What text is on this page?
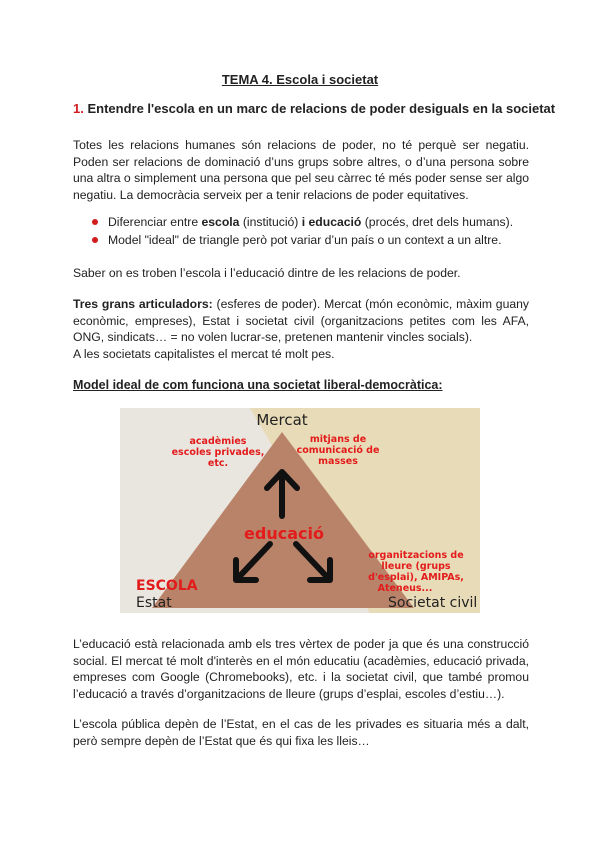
TEMA 4. Escola i societat
1. Entendre l'escola en un marc de relacions de poder desiguals en la societat
Totes les relacions humanes són relacions de poder, no té perquè ser negatiu. Poden ser relacions de dominació d’uns grups sobre altres, o d’una persona sobre una altra o simplement una persona que pel seu càrrec té més poder sense ser algo negatiu. La democràcia serveix per a tenir relacions de poder equitatives.
Diferenciar entre escola (institució) i educació (procés, dret dels humans).
Model "ideal" de triangle però pot variar d’un país o un context a un altre.
Saber on es troben l’escola i l’educació dintre de les relacions de poder.
Tres grans articuladors: (esferes de poder). Mercat (món econòmic, màxim guany econòmic, empreses), Estat i societat civil (organitzacions petites com les AFA, ONG, sindicats… = no volen lucrar-se, pretenen mantenir vincles socials).
A les societats capitalistes el mercat té molt pes.
Model ideal de com funciona una societat liberal-democràtica:
Mercat
Estat	Societat civil
educació
ESCOLA
acadèmies
escoles privades,
etc.
mitjans de
comunicació de
masses
organitzacions de
lleure (grups
d'esplai), AMIPAs,
Ateneus...
L’educació està relacionada amb els tres vèrtex de poder ja que és una construcció social. El mercat té molt d'interès en el món educatiu (acadèmies, educació privada, empreses com Google (Chromebooks), etc. i la societat civil, que també promou l’educació a través d’organitzacions de lleure (grups d’esplai, escoles d’estiu…).
L’escola pública depèn de l’Estat, en el cas de les privades es situaria més a dalt, però sempre depèn de l’Estat que és qui fixa les lleis…
